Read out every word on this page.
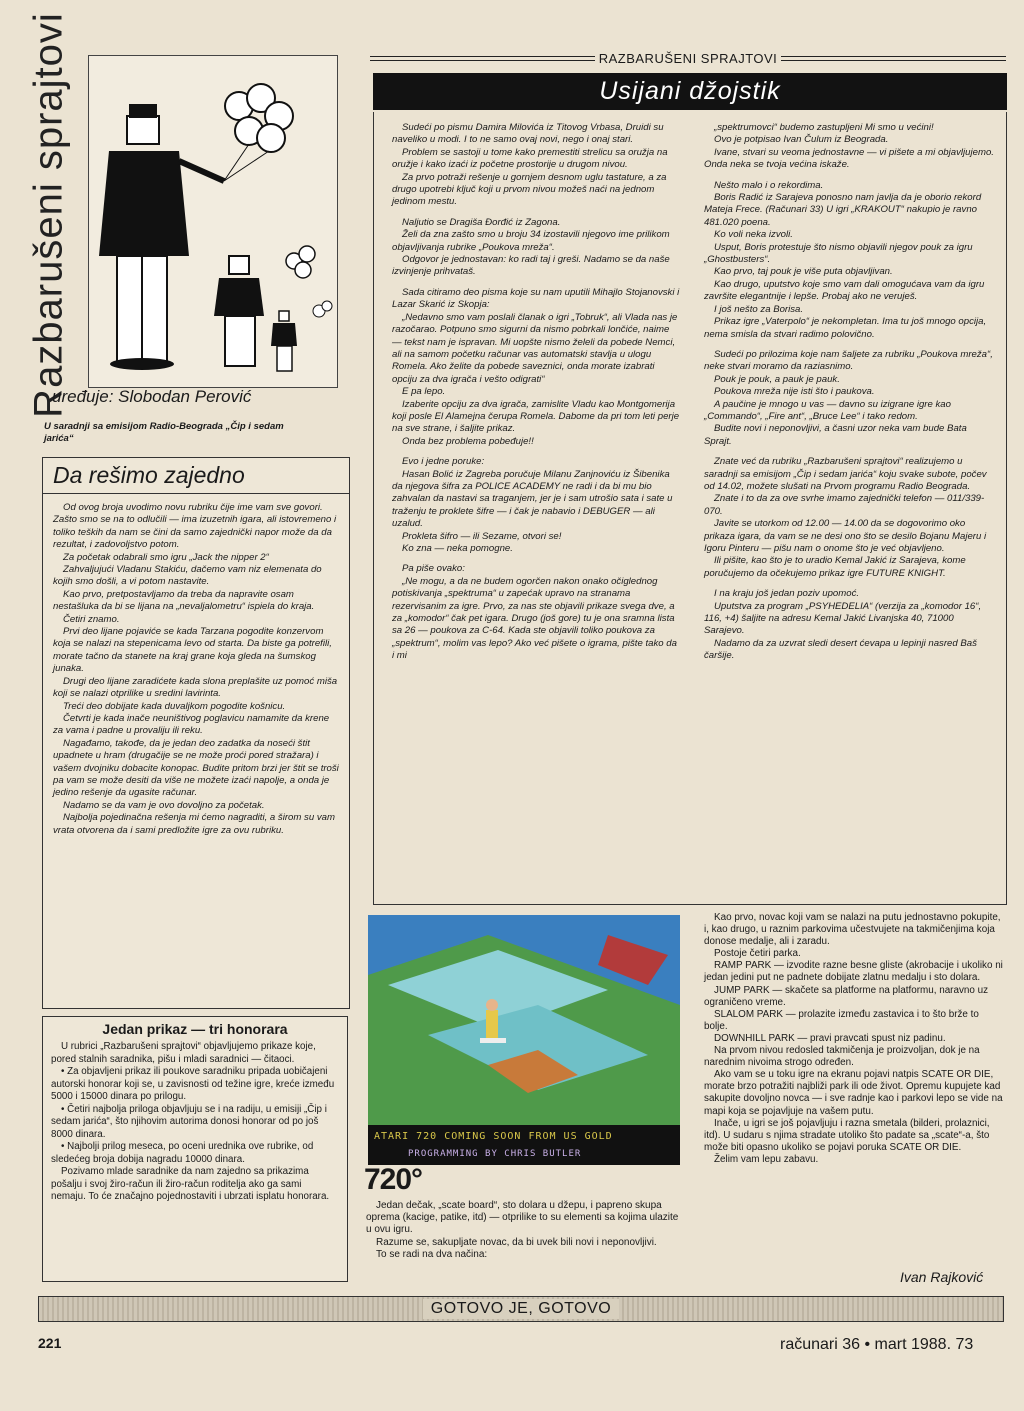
Razbarušeni sprajtovi
uređuje: Slobodan Perović
U saradnji sa emisijom Radio-Beograda „Čip i sedam jarića“
Da rešimo zajedno

Od ovog broja uvodimo novu rubriku čije ime vam sve govori. Zašto smo se na to odlučili — ima izuzetnih igara, ali istovremeno i toliko teških da nam se čini da samo zajednički napor može da da rezultat, i zadovoljstvo potom.

Za početak odabrali smo igru „Jack the nipper 2“

Zahvaljujući Vladanu Stakiću, dačemo vam niz elemenata do kojih smo došli, a vi potom nastavite.

Kao prvo, pretpostavljamo da treba da napravite osam nestašluka da bi se lijana na „nevaljalometru“ ispiela do kraja.

Četiri znamo.

Prvi deo lijane pojaviće se kada Tarzana pogodite konzervom koja se nalazi na stepenicama levo od starta. Da biste ga potrefili, morate tačno da stanete na kraj grane koja gleda na šumskog junaka.

Drugi deo lijane zaradićete kada slona preplašite uz pomoć miša koji se nalazi otprilike u sredini lavirinta.

Treći deo dobijate kada duvaljkom pogodite košnicu.

Četvrti je kada inače neuništivog poglavicu namamite da krene za vama i padne u provaliju ili reku.

Nagađamo, takođe, da je jedan deo zadatka da noseći štit upadnete u hram (drugačije se ne može proći pored stražara) i vašem dvojniku dobacite konopac. Budite pritom brzi jer štit se troši pa vam se može desiti da više ne možete izaći napolje, a onda je jedino rešenje da ugasite računar.

Nadamo se da vam je ovo dovoljno za početak.

Najbolja pojedinačna rešenja mi ćemo nagraditi, a širom su vam vrata otvorena da i sami predložite igre za ovu rubriku.

Jedan prikaz — tri honorara

U rubrici „Razbarušeni sprajtovi“ objavljujemo prikaze koje, pored stalnih saradnika, pišu i mladi saradnici — čitaoci.

• Za objavljeni prikaz ili poukove saradniku pripada uobičajeni autorski honorar koji se, u zavisnosti od težine igre, kreće između 5000 i 15000 dinara po prilogu.

• Četiri najbolja priloga objavljuju se i na radiju, u emisiji „Čip i sedam jarića“, što njihovim autorima donosi honorar od po još 8000 dinara.

• Najbolji prilog meseca, po oceni urednika ove rubrike, od sledećeg broja dobija nagradu 10000 dinara.

Pozivamo mlade saradnike da nam zajedno sa prikazima pošalju i svoj žiro-račun ili žiro-račun roditelja ako ga sami nemaju. To će značajno pojednostaviti i ubrzati isplatu honorara.

RAZBARUŠENI SPRAJTOVI
Usijani džojstik

Sudeći po pismu Damira Milovića iz Titovog Vrbasa, Druidi su naveliko u modi. I to ne samo ovaj novi, nego i onaj stari.

Problem se sastoji u tome kako premestiti strelicu sa oružja na oružje i kako izaći iz početne prostorije u drugom nivou.

Za prvo potraži rešenje u gornjem desnom uglu tastature, a za drugo upotrebi ključ koji u prvom nivou možeš naći na jednom jedinom mestu.

Naljutio se Dragiša Đorđić iz Zagona.

Želi da zna zašto smo u broju 34 izostavili njegovo ime prilikom objavljivanja rubrike „Poukova mreža“.

Odgovor je jednostavan: ko radi taj i greši. Nadamo se da naše izvinjenje prihvataš.

Sada citiramo deo pisma koje su nam uputili Mihajlo Stojanovski i Lazar Skarić iz Skopja:

„Nedavno smo vam poslali članak o igri „Tobruk“, ali Vlada nas je razočarao. Potpuno smo sigurni da nismo pobrkali lončiće, naime — tekst nam je ispravan. Mi uopšte nismo želeli da pobede Nemci, ali na samom početku računar vas automatski stavlja u ulogu Romela. Ako želite da pobede saveznici, onda morate izabrati opciju za dva igrača i vešto odigrati“

E pa lepo.

Izaberite opciju za dva igrača, zamislite Vladu kao Montgomerija koji posle El Alamejna čerupa Romela. Dabome da pri tom leti perje na sve strane, i šaljite prikaz.

Onda bez problema pobeđuje!!

Evo i jedne poruke:

Hasan Bolić iz Zagreba poručuje Milanu Zanjnoviću iz Šibenika da njegova šifra za POLICE ACADEMY ne radi i da bi mu bio zahvalan da nastavi sa traganjem, jer je i sam utrošio sata i sate u traženju te proklete šifre — i čak je nabavio i DEBUGER — ali uzalud.

Prokleta šifro — ili Sezame, otvori se!

Ko zna — neka pomogne.

Pa piše ovako:

„Ne mogu, a da ne budem ogorčen nakon onako očiglednog potiskivanja „spektruma“ u zapećak upravo na stranama rezervisanim za igre. Prvo, za nas ste objavili prikaze svega dve, a za „komodor“ čak pet igara. Drugo (još gore) tu je ona sramna lista sa 26 — poukova za C-64. Kada ste objavili toliko poukova za „spektrum“, molim vas lepo? Ako već pišete o igrama, pište tako da i mi

„spektrumovci“ budemo zastupljeni Mi smo u većini!

Ovo je potpisao Ivan Čulum iz Beograda.

Ivane, stvari su veoma jednostavne — vi pišete a mi objavljujemo. Onda neka se tvoja većina iskaže.

Nešto malo i o rekordima.

Boris Radić iz Sarajeva ponosno nam javlja da je oborio rekord Mateja Frece. (Računari 33) U igri „KRAKOUT“ nakupio je ravno 481.020 poena.

Ko voli neka izvoli.

Usput, Boris protestuje što nismo objavili njegov pouk za igru „Ghostbusters“.

Kao prvo, taj pouk je više puta objavljivan.

Kao drugo, uputstvo koje smo vam dali omogućava vam da igru završite elegantnije i lepše. Probaj ako ne veruješ.

I još nešto za Borisa.

Prikaz igre „Vaterpolo“ je nekompletan. Ima tu još mnogo opcija, nema smisla da stvari radimo polovično.

Sudeći po prilozima koje nam šaljete za rubriku „Poukova mreža“, neke stvari moramo da raziasnimo.

Pouk je pouk, a pauk je pauk.

Poukova mreža nije isti što i paukova.

A paučine je mnogo u vas — davno su izigrane igre kao „Commando“, „Fire ant“, „Bruce Lee“ i tako redom.

Budite novi i neponovljivi, a časni uzor neka vam bude Bata Sprajt.

Znate već da rubriku „Razbarušeni sprajtovi“ realizujemo u saradnji sa emisijom „Čip i sedam jarića“ koju svake subote, počev od 14.02, možete slušati na Prvom programu Radio Beograda.

Znate i to da za ove svrhe imamo zajednički telefon — 011/339-070.

Javite se utorkom od 12.00 — 14.00 da se dogovorimo oko prikaza igara, da vam se ne desi ono što se desilo Bojanu Majeru i Igoru Pinteru — pišu nam o onome što je već objavljeno.

Ili pišite, kao što je to uradio Kemal Jakić iz Sarajeva, kome poručujemo da očekujemo prikaz igre FUTURE KNIGHT.

I na kraju još jedan poziv upomoć.

Uputstva za program „PSYHEDELIA“ (verzija za „komodor 16“, 116, +4) šaljite na adresu Kemal Jakić Livanjska 40, 71000 Sarajevo.

Nadamo da za uzvrat sledi desert ćevapa u lepinji nasred Baš čaršije.

ATARI 720 COMING SOON FROM US GOLD
PROGRAMMING BY CHRIS BUTLER
720°

Jedan dečak, „scate board“, sto dolara u džepu, i papreno skupa oprema (kacige, patike, itd) — otprilike to su elementi sa kojima ulazite u ovu igru.

Razume se, sakupljate novac, da bi uvek bili novi i neponovljivi.

To se radi na dva načina:

Kao prvo, novac koji vam se nalazi na putu jednostavno pokupite, i, kao drugo, u raznim parkovima učestvujete na takmičenjima koja donose medalje, ali i zaradu.

Postoje četiri parka.

RAMP PARK — izvodite razne besne gliste (akrobacije i ukoliko ni jedan jedini put ne padnete dobijate zlatnu medalju i sto dolara.

JUMP PARK — skačete sa platforme na platformu, naravno uz ograničeno vreme.

SLALOM PARK — prolazite između zastavica i to što brže to bolje.

DOWNHILL PARK — pravi pravcati spust niz padinu.

Na prvom nivou redosled takmičenja je proizvoljan, dok je na narednim nivoima strogo određen.

Ako vam se u toku igre na ekranu pojavi natpis SCATE OR DIE, morate brzo potražiti najbliži park ili ode život. Opremu kupujete kad sakupite dovoljno novca — i sve radnje kao i parkovi lepo se vide na mapi koja se pojavljuje na vašem putu.

Inače, u igri se još pojavljuju i razna smetala (bilderi, prolaznici, itd). U sudaru s njima stradate utoliko što padate sa „scate“-a, što može biti opasno ukoliko se pojavi poruka SCATE OR DIE.

Želim vam lepu zabavu.

Ivan Rajković
GOTOVO JE, GOTOVO
221	računari 36 • mart 1988. 73
